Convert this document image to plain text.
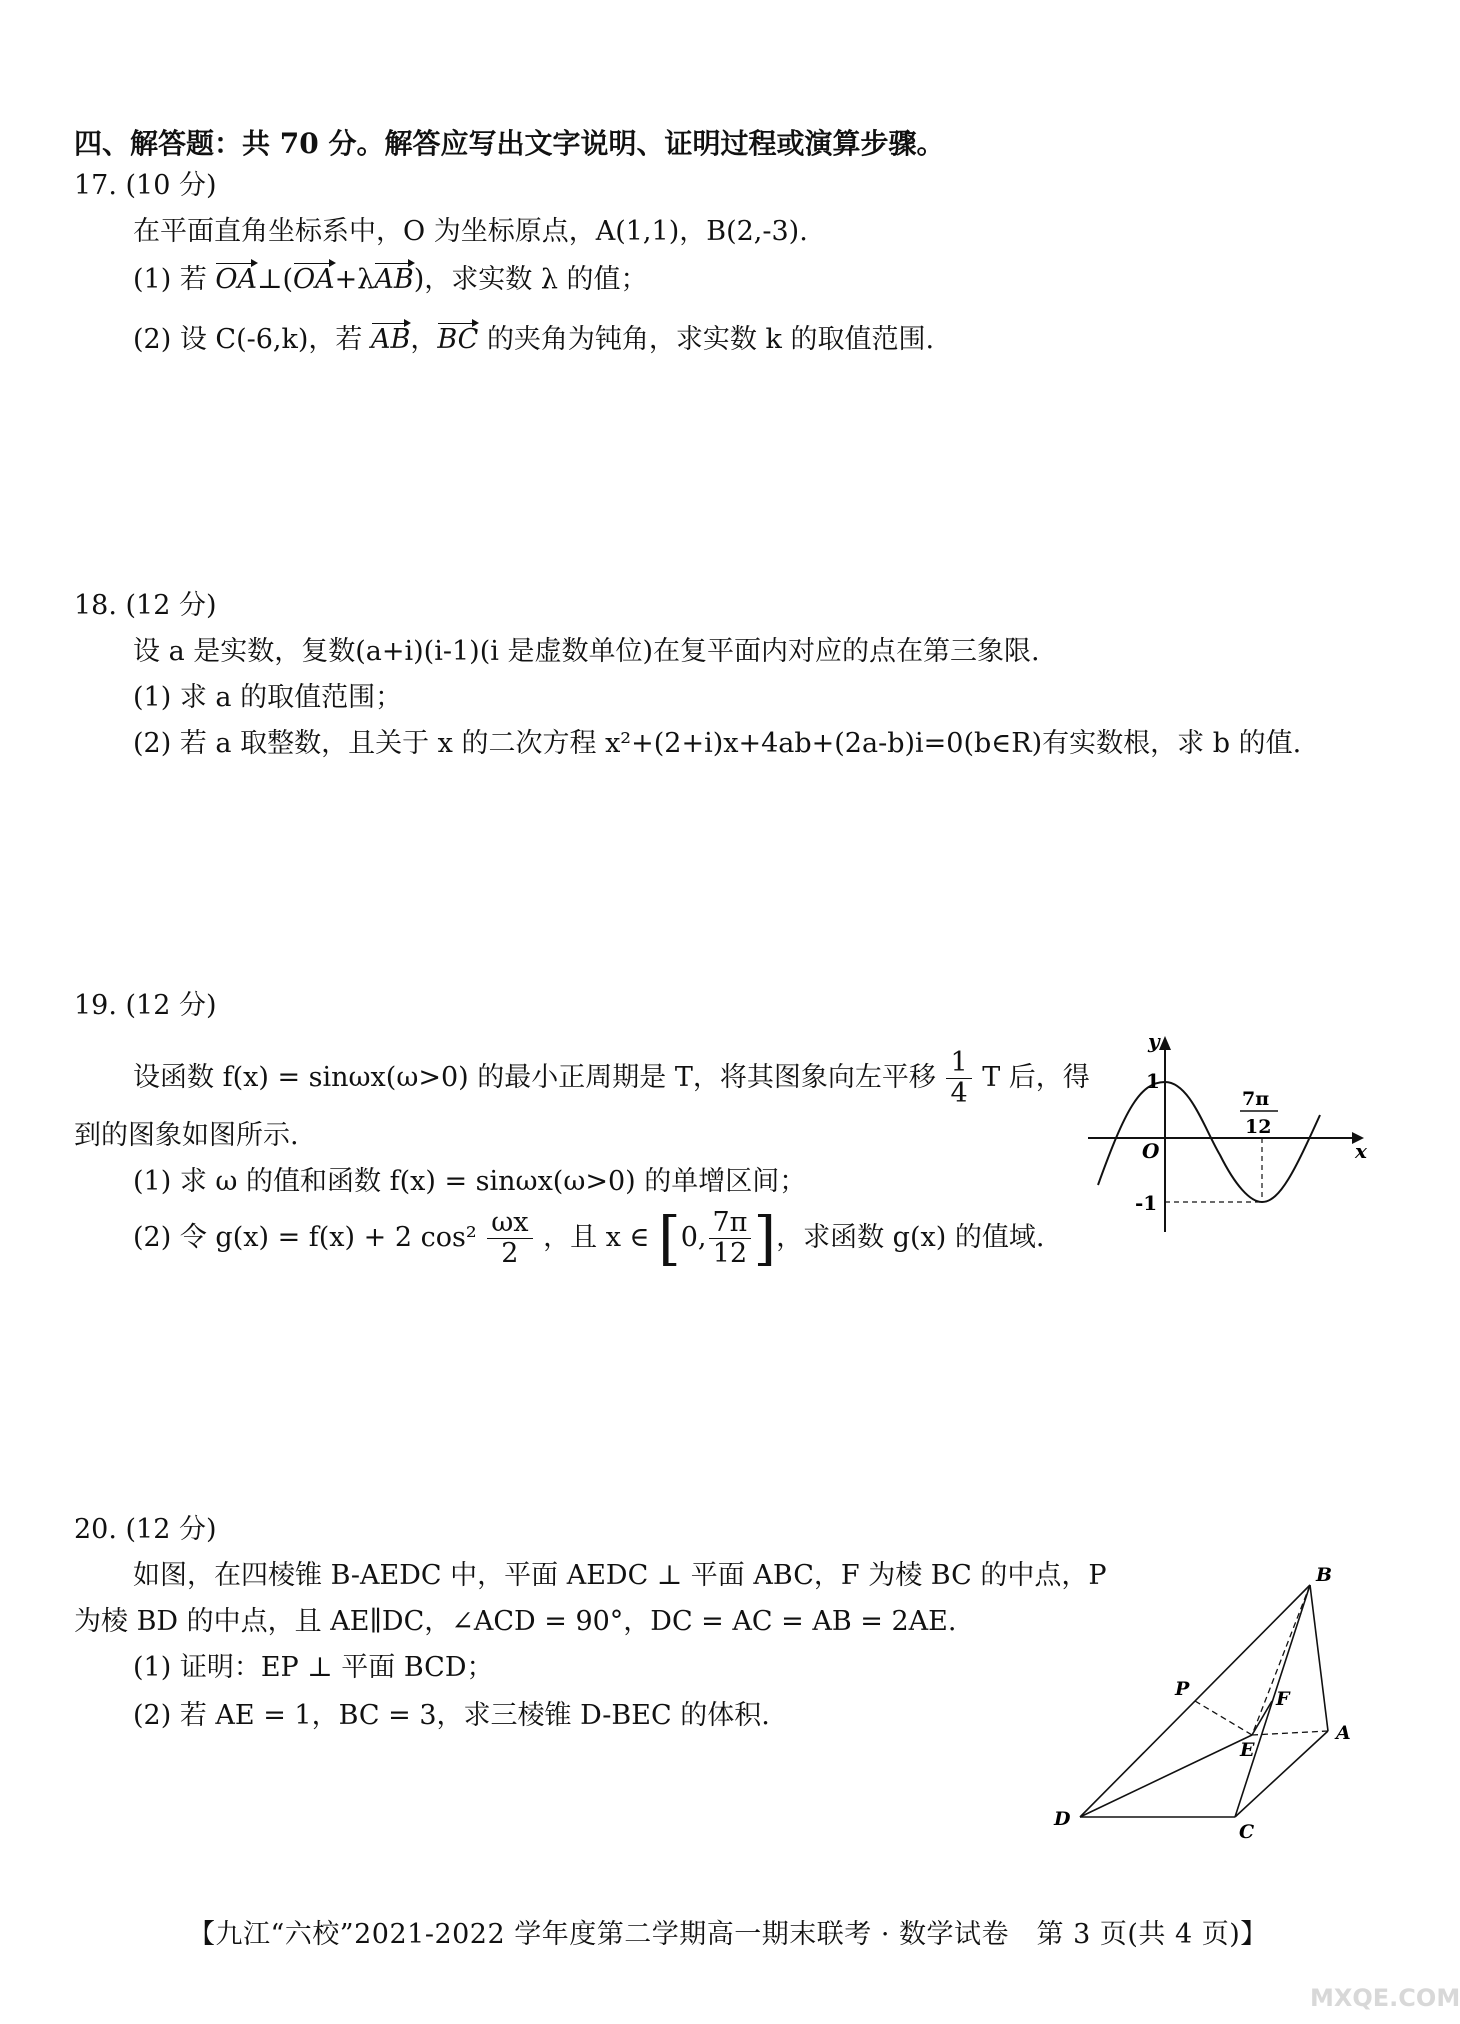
四、解答题：共 70 分。解答应写出文字说明、证明过程或演算步骤。
17. (10 分)
在平面直角坐标系中，O 为坐标原点，A(1,1)，B(2,-3).
(1) 若 OA⊥(OA+λAB)，求实数 λ 的值；
(2) 设 C(-6,k)，若 AB，BC 的夹角为钝角，求实数 k 的取值范围.
18. (12 分)
设 a 是实数，复数(a+i)(i-1)(i 是虚数单位)在复平面内对应的点在第三象限.
(1) 求 a 的取值范围；
(2) 若 a 取整数，且关于 x 的二次方程 x²+(2+i)x+4ab+(2a-b)i=0(b∈R)有实数根，求 b 的值.
19. (12 分)
设函数 f(x) = sinωx(ω>0) 的最小正周期是 T，将其图象向左平移 $\frac{1}{4}$ T 后，得
到的图象如图所示.
(1) 求 ω 的值和函数 f(x) = sinωx(ω>0) 的单增区间；
(2) 令 g(x) = f(x) + 2 $\cos^2 \frac{\omega x}{2}$ ，且 x ∈ [0, $\frac{7\pi}{12}$ ]，求函数 g(x) 的值域.
y
x
O
1
-1
7π
12
20. (12 分)
如图，在四棱锥 B-AEDC 中，平面 AEDC ⊥ 平面 ABC，F 为棱 BC 的中点，P
为棱 BD 的中点，且 AE∥DC，∠ACD = 90°，DC = AC = AB = 2AE.
(1) 证明：EP ⊥ 平面 BCD；
(2) 若 AE = 1，BC = 3，求三棱锥 D-BEC 的体积.
B
P	F
E
A
D
C
【九江“六校”2021-2022 学年度第二学期高一期末联考 · 数学试卷　第 3 页(共 4 页)】
MXQE.COM
